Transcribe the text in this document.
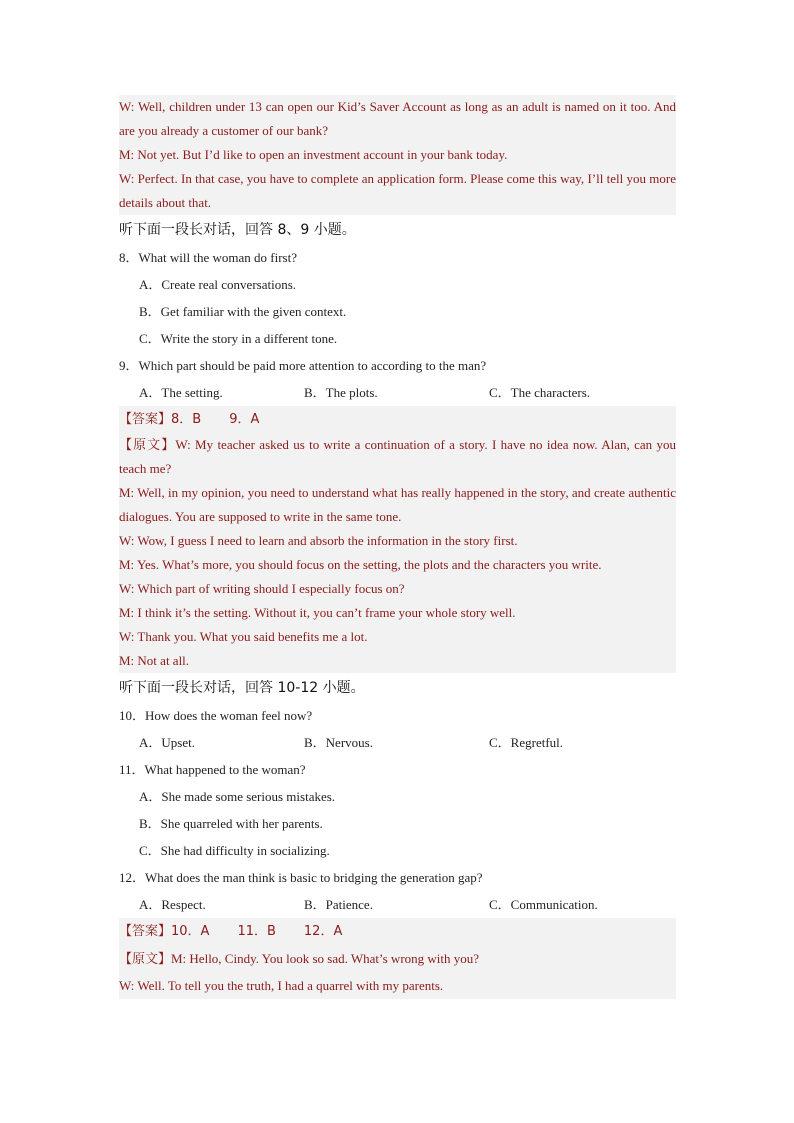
W: Well, children under 13 can open our Kid’s Saver Account as long as an adult is named on it too. And are you already a customer of our bank?

M: Not yet. But I’d like to open an investment account in your bank today.

W: Perfect. In that case, you have to complete an application form. Please come this way, I’ll tell you more details about that.

听下面一段长对话，回答 8、9 小题。
8．What will the woman do first?
A．Create real conversations.
B．Get familiar with the given context.
C．Write the story in a different tone.
9．Which part should be paid more attention to according to the man?
A．The setting.	B．The plots.	C．The characters.
【答案】8．B 9．A

【原文】W: My teacher asked us to write a continuation of a story. I have no idea now. Alan, can you teach me?

M: Well, in my opinion, you need to understand what has really happened in the story, and create authentic dialogues. You are supposed to write in the same tone.

W: Wow, I guess I need to learn and absorb the information in the story first.

M: Yes. What’s more, you should focus on the setting, the plots and the characters you write.

W: Which part of writing should I especially focus on?

M: I think it’s the setting. Without it, you can’t frame your whole story well.

W: Thank you. What you said benefits me a lot.

M: Not at all.

听下面一段长对话，回答 10-12 小题。
10．How does the woman feel now?
A．Upset.	B．Nervous.	C．Regretful.
11．What happened to the woman?
A．She made some serious mistakes.
B．She quarreled with her parents.
C．She had difficulty in socializing.
12．What does the man think is basic to bridging the generation gap?
A．Respect.	B．Patience.	C．Communication.
【答案】10．A 11．B 12．A

【原文】M: Hello, Cindy. You look so sad. What’s wrong with you?

W: Well. To tell you the truth, I had a quarrel with my parents.
